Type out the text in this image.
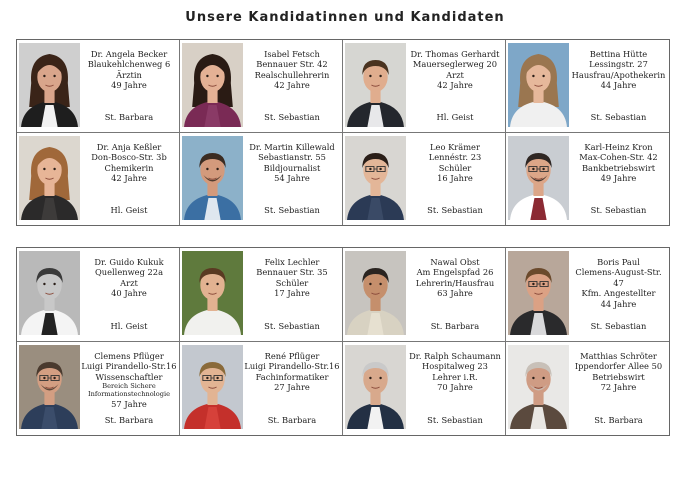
Unsere Kandidatinnen und Kandidaten
Dr. Angela Becker
Blaukehlchenweg 6
Ärztin
49 Jahre
St. Barbara
Isabel Fetsch
Bennauer Str. 42
Realschullehrerin
42 Jahre
St. Sebastian
Dr. Thomas Gerhardt
Mauerseglerweg 20
Arzt
42 Jahre
Hl. Geist
Bettina Hütte
Lessingstr. 27
Hausfrau/Apothekerin
44 Jahre
St. Sebastian
Dr. Anja Keßler
Don-Bosco-Str. 3b
Chemikerin
42 Jahre
Hl. Geist
Dr. Martin Killewald
Sebastianstr. 55
Bildjournalist
54 Jahre
St. Sebastian
Leo Krämer
Lennéstr. 23
Schüler
16 Jahre
St. Sebastian
Karl-Heinz Kron
Max-Cohen-Str. 42
Bankbetriebswirt
49 Jahre
St. Sebastian
Dr. Guido Kukuk
Quellenweg 22a
Arzt
40 Jahre
Hl. Geist
Felix Lechler
Bennauer Str. 35
Schüler
17 Jahre
St. Sebastian
Nawal Obst
Am Engelspfad 26
Lehrerin/Hausfrau
63 Jahre
St. Barbara
Boris Paul
Clemens-August-Str. 47
Kfm. Angestellter
44 Jahre
St. Sebastian
Clemens Pflüger
Luigi Pirandello-Str.16
Wissenschaftler
Bereich Sichere
Informationstechnologie
57 Jahre
St. Barbara
René Pflüger
Luigi Pirandello-Str.16
Fachinformatiker
27 Jahre
St. Barbara
Dr. Ralph Schaumann
Hospitalweg 23
Lehrer i.R.
70 Jahre
St. Sebastian
Matthias Schröter
Ippendorfer Allee 50
Betriebswirt
72 Jahre
St. Barbara
